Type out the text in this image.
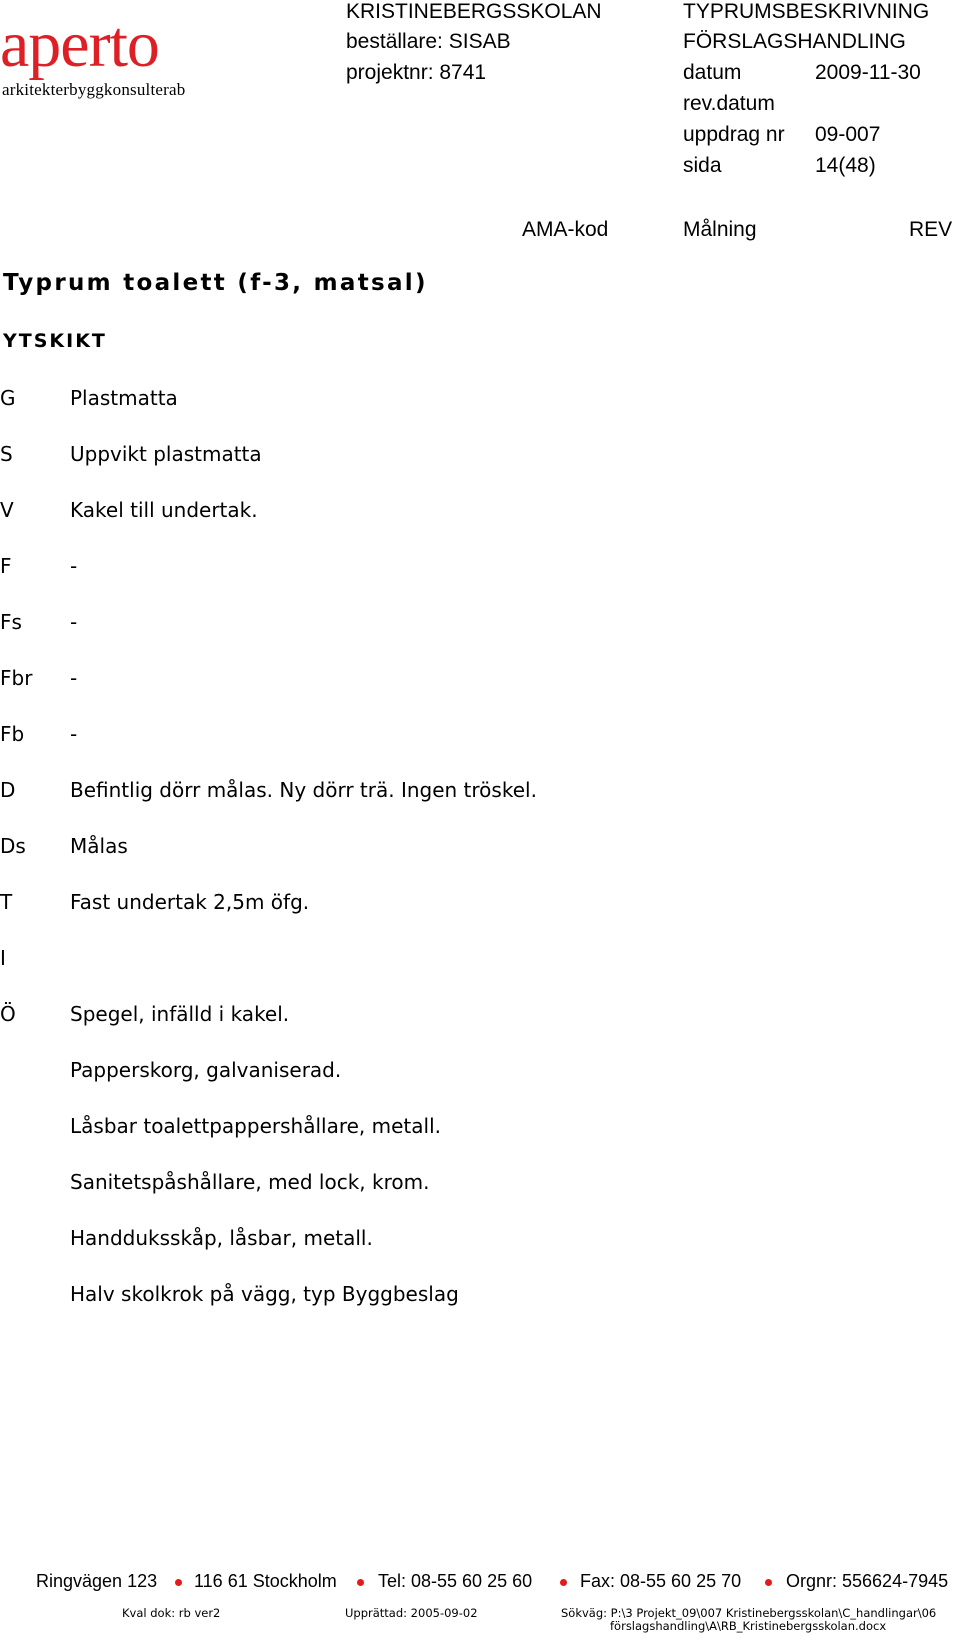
aperto
arkitekterbyggkonsulterab
KRISTINEBERGSSKOLAN
beställare: SISAB
projektnr: 8741
TYPRUMSBESKRIVNING
FÖRSLAGSHANDLING
datum	2009-11-30
rev.datum
uppdrag nr 09-007
sida	14(48)
AMA-kod	Målning	REV
Typrum toalett (f-3, matsal)
YTSKIKT
G	Plastmatta
S	Uppvikt plastmatta
V	Kakel till undertak.
F	-
Fs -
Fbr -
Fb -
D	Befintlig dörr målas. Ny dörr trä. Ingen tröskel.
Ds Målas
T	Fast undertak 2,5m öfg.
I
Ö	Spegel, infälld i kakel.
Papperskorg, galvaniserad.
Låsbar toalettpappershållare, metall.
Sanitetspåshållare, med lock, krom.
Handduksskåp, låsbar, metall.
Halv skolkrok på vägg, typ Byggbeslag
Ringvägen 123 116 61 Stockholm Tel: 08-55 60 25 60	Fax: 08-55 60 25 70 Orgnr: 556624-7945
Kval dok: rb ver2	Upprättad: 2005-09-02	Sökväg: P:\3 Projekt_09\007 Kristinebergsskolan\C_handlingar\06
förslagshandling\A\RB_Kristinebergsskolan.docx
